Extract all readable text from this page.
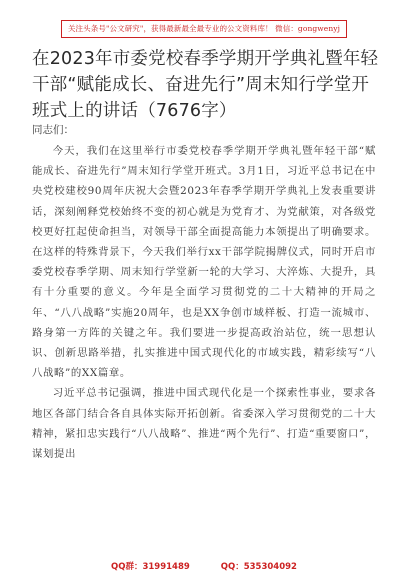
关注头条号"公文研究"，获得最新最全最专业的公文资料库！ 微信：gongwenyj
在2023年市委党校春季学期开学典礼暨年轻干部“赋能成长、奋进先行”周末知行学堂开班式上的讲话（7676字）
同志们：

今天，我们在这里举行市委党校春季学期开学典礼暨年轻干部“赋能成长、奋进先行”周末知行学堂开班式。3月1日，习近平总书记在中央党校建校90周年庆祝大会暨2023年春季学期开学典礼上发表重要讲话，深刻阐释党校始终不变的初心就是为党育才、为党献策，对各级党校更好扛起使命担当，对领导干部全面提高能力本领提出了明确要求。在这样的特殊背景下，今天我们举行xx干部学院揭牌仪式，同时开启市委党校春季学期、周末知行学堂新一轮的大学习、大淬炼、大提升，具有十分重要的意义。今年是全面学习贯彻党的二十大精神的开局之年、“八八战略”实施20周年，也是XX争创市域样板、打造一流城市、路身第一方阵的关键之年。我们要进一步提高政治站位，统一思想认识、创新思路举措，扎实推进中国式现代化的市域实践，精彩续写“八八战略”的XX篇章。

习近平总书记强调，推进中国式现代化是一个探索性事业，要求各地区各部门结合各自具体实际开拓创新。省委深入学习贯彻党的二十大精神，紧扣忠实践行“八八战略”、推进“两个先行”、打造“重要窗口”，谋划提出

QQ群：31991489	QQ：535304092
